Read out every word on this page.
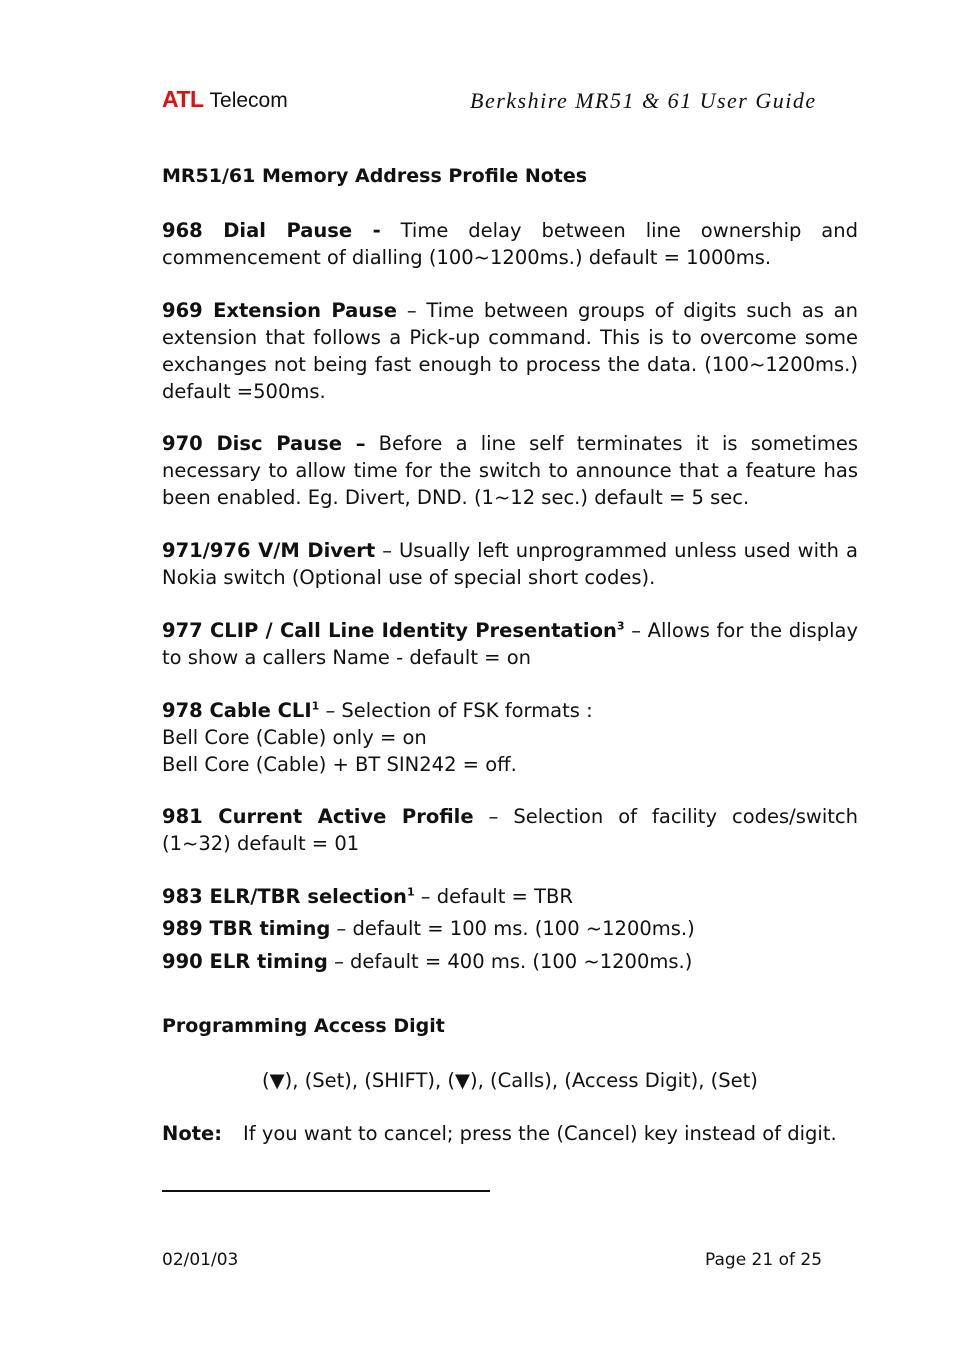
ATL Telecom	Berkshire MR51 & 61 User Guide
MR51/61 Memory Address Profile Notes
968 Dial Pause - Time delay between line ownership and commencement of dialling (100~1200ms.) default = 1000ms.
969 Extension Pause – Time between groups of digits such as an extension that follows a Pick-up command. This is to overcome some exchanges not being fast enough to process the data. (100~1200ms.) default =500ms.
970 Disc Pause – Before a line self terminates it is sometimes necessary to allow time for the switch to announce that a feature has been enabled. Eg. Divert, DND. (1~12 sec.) default = 5 sec.
971/976 V/M Divert – Usually left unprogrammed unless used with a Nokia switch (Optional use of special short codes).
977 CLIP / Call Line Identity Presentation$^3$ – Allows for the display to show a callers Name - default = on
978 Cable CLI$^1$ – Selection of FSK formats :
Bell Core (Cable) only = on
Bell Core (Cable) + BT SIN242 = off.
981 Current Active Profile – Selection of facility codes/switch (1~32) default = 01
983 ELR/TBR selection$^1$ – default = TBR
989 TBR timing – default = 100 ms. (100 ~1200ms.)
990 ELR timing – default = 400 ms. (100 ~1200ms.)
Programming Access Digit
(▼), (Set), (SHIFT), (▼), (Calls), (Access Digit), (Set)
Note: If you want to cancel; press the (Cancel) key instead of digit.
02/01/03	Page 21 of 25
